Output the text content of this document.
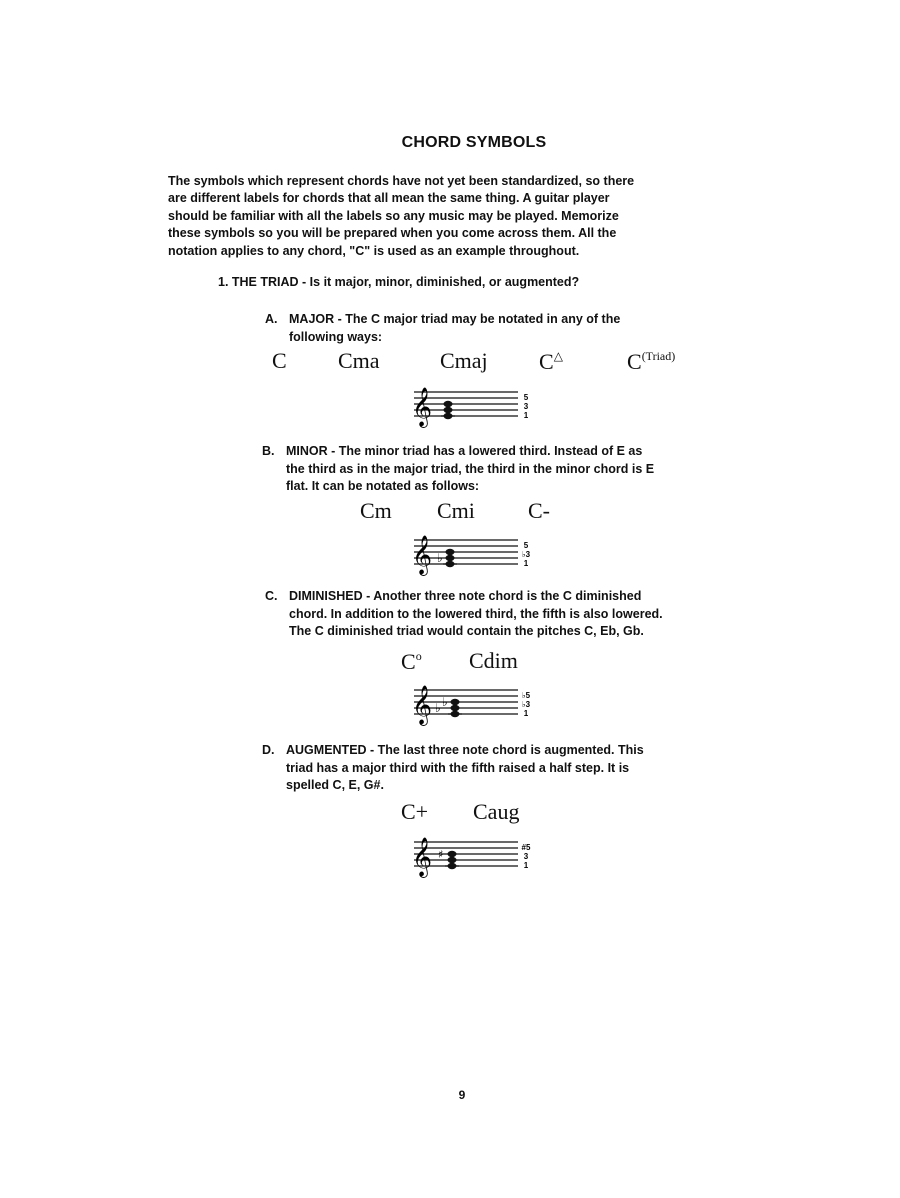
CHORD SYMBOLS
The symbols which represent chords have not yet been standardized, so there
are different labels for chords that all mean the same thing. A guitar player
should be familiar with all the labels so any music may be played. Memorize
these symbols so you will be prepared when you come across them. All the
notation applies to any chord, "C" is used as an example throughout.
1. THE TRIAD - Is it major, minor, diminished, or augmented?
A. MAJOR - The C major triad may be notated in any of the
following ways:
C Cma	Cmaj C△	$C^{(Triad)}$
𝄞	5
3
1
B. MINOR - The minor triad has a lowered third. Instead of E as
the third as in the major triad, the third in the minor chord is E
flat. It can be notated as follows:
Cm Cmi C-
𝄞 ♭
5
♭3
1
C. DIMINISHED - Another three note chord is the C diminished
chord. In addition to the lowered third, the fifth is also lowered.
The C diminished triad would contain the pitches C, Eb, Gb.
$C^o$ Cdim
𝄞 ♭ ♭	♭5
♭3
1
D. AUGMENTED - The last three note chord is augmented. This
triad has a major third with the fifth raised a half step. It is
spelled C, E, G#.
C+ Caug
𝄞 ♯
#5
3
1
9
